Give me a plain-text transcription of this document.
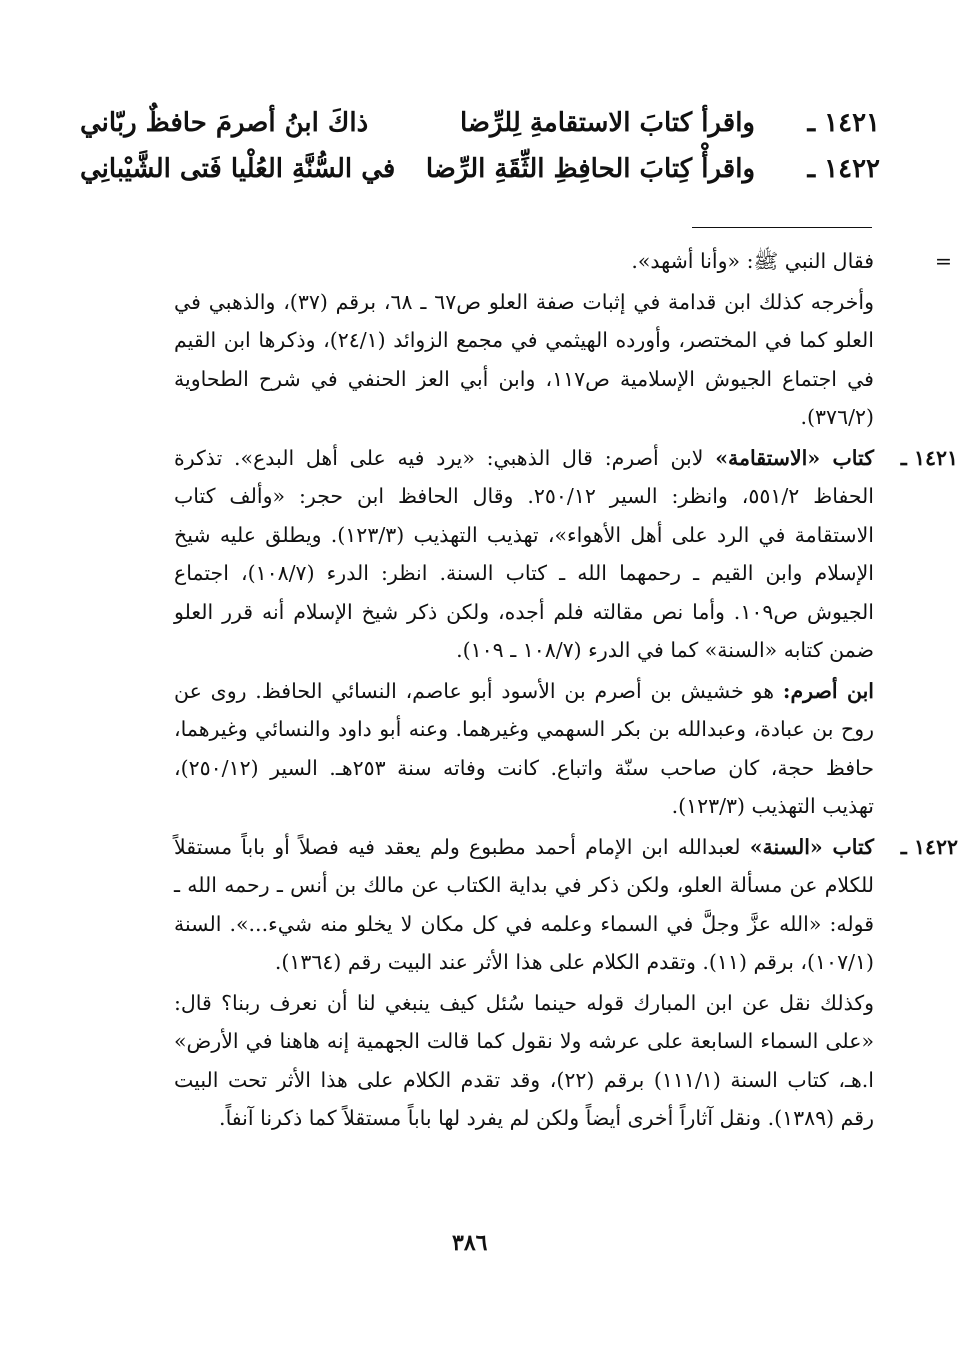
١٤٢١ ـ
واقرأ كتابَ الاستقامةِ لِلرِّضا
ذاكَ ابنُ أصرمَ حافظٌ ربّاني
١٤٢٢ ـ
واقرأْ كِتابَ الحافِظِ الثِّقَةِ الرِّضا
في السُّنَّةِ العُلْيا فَتى الشَّيْبانِي
=
فقال النبي ﷺ: «وأنا أشهد».
وأخرجه كذلك ابن قدامة في إثبات صفة العلو ص٦٧ ـ ٦٨، برقم (٣٧)، والذهبي في العلو كما في المختصر، وأورده الهيثمي في مجمع الزوائد (٢٤/١)، وذكرها ابن القيم في اجتماع الجيوش الإسلامية ص١١٧، وابن أبي العز الحنفي في شرح الطحاوية (٣٧٦/٢).
١٤٢١ ـ
كتاب «الاستقامة» لابن أصرم: قال الذهبي: «يرد فيه على أهل البدع». تذكرة الحفاظ ٥٥١/٢، وانظر: السير ٢٥٠/١٢. وقال الحافظ ابن حجر: «وألف كتاب الاستقامة في الرد على أهل الأهواء»، تهذيب التهذيب (١٢٣/٣). ويطلق عليه شيخ الإسلام وابن القيم ـ رحمهما الله ـ كتاب السنة. انظر: الدرء (١٠٨/٧)، اجتماع الجيوش ص١٠٩. وأما نص مقالته فلم أجده، ولكن ذكر شيخ الإسلام أنه قرر العلو ضمن كتابه «السنة» كما في الدرء (١٠٨/٧ ـ ١٠٩).
ابن أصرم: هو خشيش بن أصرم بن الأسود أبو عاصم، النسائي الحافظ. روى عن روح بن عبادة، وعبدالله بن بكر السهمي وغيرهما. وعنه أبو داود والنسائي وغيرهما، حافظ حجة، كان صاحب سنّة واتباع. كانت وفاته سنة ٢٥٣هـ. السير (٢٥٠/١٢)، تهذيب التهذيب (١٢٣/٣).
١٤٢٢ ـ
كتاب «السنة» لعبدالله ابن الإمام أحمد مطبوع ولم يعقد فيه فصلاً أو باباً مستقلاً للكلام عن مسألة العلو، ولكن ذكر في بداية الكتاب عن مالك بن أنس ـ رحمه الله ـ قوله: «الله عزَّ وجلَّ في السماء وعلمه في كل مكان لا يخلو منه شيء...». السنة (١٠٧/١)، برقم (١١). وتقدم الكلام على هذا الأثر عند البيت رقم (١٣٦٤).
وكذلك نقل عن ابن المبارك قوله حينما سُئل كيف ينبغي لنا أن نعرف ربنا؟ قال: «على السماء السابعة على عرشه ولا نقول كما قالت الجهمية إنه هاهنا في الأرض» ا.هـ، كتاب السنة (١١١/١) برقم (٢٢)، وقد تقدم الكلام على هذا الأثر تحت البيت رقم (١٣٨٩). ونقل آثاراً أخرى أيضاً ولكن لم يفرد لها باباً مستقلاً كما ذكرنا آنفاً.
٣٨٦
